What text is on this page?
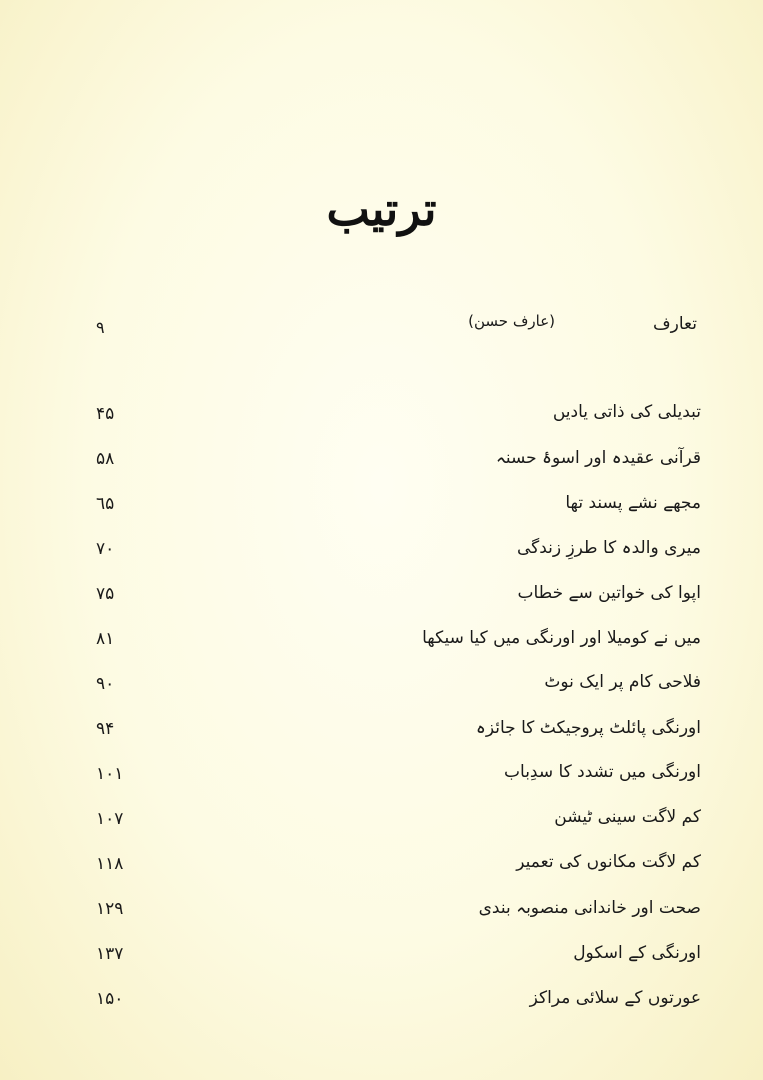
ترتیب
تعارف
(عارف حسن)
٩
تبدیلی کی ذاتی یادیں
۴۵
قرآنی عقیدہ اور اسوۂ حسنہ
۵۸
مجھے نشے پسند تھا
٦۵
میری والدہ کا طرزِ زندگی
۷۰
اپوا کی خواتین سے خطاب
۷۵
میں نے کومیلا اور اورنگی میں کیا سیکھا
۸۱
فلاحی کام پر ایک نوٹ
۹۰
اورنگی پائلٹ پروجیکٹ کا جائزہ
۹۴
اورنگی میں تشدد کا سدِباب
۱۰۱
کم لاگت سینی ٹیشن
۱۰۷
کم لاگت مکانوں کی تعمیر
۱۱۸
صحت اور خاندانی منصوبہ بندی
۱۲۹
اورنگی کے اسکول
۱۳۷
عورتوں کے سلائی مراکز
۱۵۰
